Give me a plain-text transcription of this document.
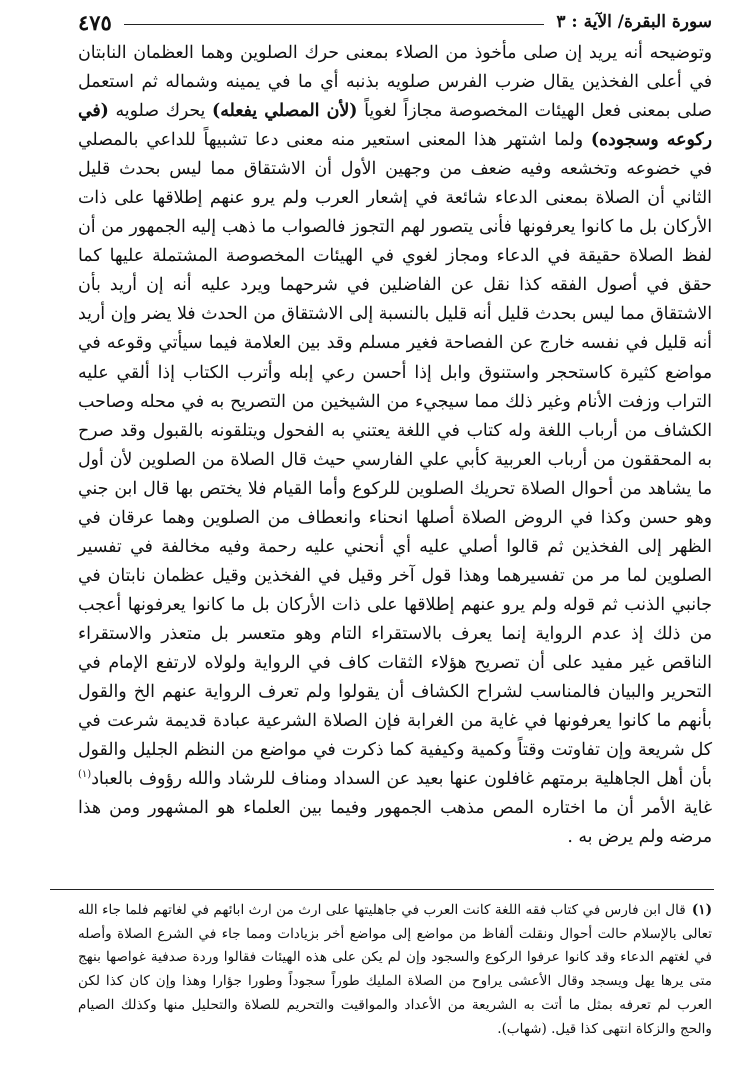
سورة البقرة/ الآية : ٣
٤٧٥

وتوضيحه أنه يريد إن صلى مأخوذ من الصلاء بمعنى حرك الصلوين وهما العظمان النابتان في أعلى الفخذين يقال ضرب الفرس صلويه بذنبه أي ما في يمينه وشماله ثم استعمل صلى بمعنى فعل الهيئات المخصوصة مجازاً لغوياً (لأن المصلي يفعله) يحرك صلويه (في ركوعه وسجوده) ولما اشتهر هذا المعنى استعير منه معنى دعا تشبيهاً للداعي بالمصلي في خضوعه وتخشعه وفيه ضعف من وجهين الأول أن الاشتقاق مما ليس بحدث قليل الثاني أن الصلاة بمعنى الدعاء شائعة في إشعار العرب ولم يرو عنهم إطلاقها على ذات الأركان بل ما كانوا يعرفونها فأنى يتصور لهم التجوز فالصواب ما ذهب إليه الجمهور من أن لفظ الصلاة حقيقة في الدعاء ومجاز لغوي في الهيئات المخصوصة المشتملة عليها كما حقق في أصول الفقه كذا نقل عن الفاضلين في شرحهما ويرد عليه أنه إن أريد بأن الاشتقاق مما ليس بحدث قليل أنه قليل بالنسبة إلى الاشتقاق من الحدث فلا يضر وإن أريد أنه قليل في نفسه خارج عن الفصاحة فغير مسلم وقد بين العلامة فيما سيأتي وقوعه في مواضع كثيرة كاستحجر واستنوق وابل إذا أحسن رعي إبله وأترب الكتاب إذا ألقي عليه التراب وزفت الأنام وغير ذلك مما سيجيء من الشيخين من التصريح به في محله وصاحب الكشاف من أرباب اللغة وله كتاب في اللغة يعتني به الفحول ويتلقونه بالقبول وقد صرح به المحققون من أرباب العربية كأبي علي الفارسي حيث قال الصلاة من الصلوين لأن أول ما يشاهد من أحوال الصلاة تحريك الصلوين للركوع وأما القيام فلا يختص بها قال ابن جني وهو حسن وكذا في الروض الصلاة أصلها انحناء وانعطاف من الصلوين وهما عرقان في الظهر إلى الفخذين ثم قالوا أصلي عليه أي أنحني عليه رحمة وفيه مخالفة في تفسير الصلوين لما مر من تفسيرهما وهذا قول آخر وقيل في الفخذين وقيل عظمان نابتان في جانبي الذنب ثم قوله ولم يرو عنهم إطلاقها على ذات الأركان بل ما كانوا يعرفونها أعجب من ذلك إذ عدم الرواية إنما يعرف بالاستقراء التام وهو متعسر بل متعذر والاستقراء الناقص غير مفيد على أن تصريح هؤلاء الثقات كاف في الرواية ولولاه لارتفع الإمام في التحرير والبيان فالمناسب لشراح الكشاف أن يقولوا ولم تعرف الرواية عنهم الخ والقول بأنهم ما كانوا يعرفونها في غاية من الغرابة فإن الصلاة الشرعية عبادة قديمة شرعت في كل شريعة وإن تفاوتت وقتاً وكمية وكيفية كما ذكرت في مواضع من النظم الجليل والقول بأن أهل الجاهلية برمتهم غافلون عنها بعيد عن السداد ومناف للرشاد والله رؤوف بالعباد$^{(١)}$ غاية الأمر أن ما اختاره المص مذهب الجمهور وفيما بين العلماء هو المشهور ومن هذا مرضه ولم يرض به .

(١)قال ابن فارس في كتاب فقه اللغة كانت العرب في جاهليتها على ارث من ارث ابائهم في لغاتهم فلما جاء الله تعالى بالإسلام حالت أحوال ونقلت ألفاظ من مواضع إلى مواضع أخر بزيادات ومما جاء في الشرع الصلاة وأصله في لغتهم الدعاء وقد كانوا عرفوا الركوع والسجود وإن لم يكن على هذه الهيئات فقالوا وردة صدفية غواصها بنهج متى يرها يهل ويسجد وقال الأعشى يراوح من الصلاة المليك طوراً سجوداً وطورا جؤارا وهذا وإن كان كذا لكن العرب لم تعرفه بمثل ما أتت به الشريعة من الأعداد والمواقيت والتحريم للصلاة والتحليل منها وكذلك الصيام والحج والزكاة انتهى كذا قيل. (شهاب).
